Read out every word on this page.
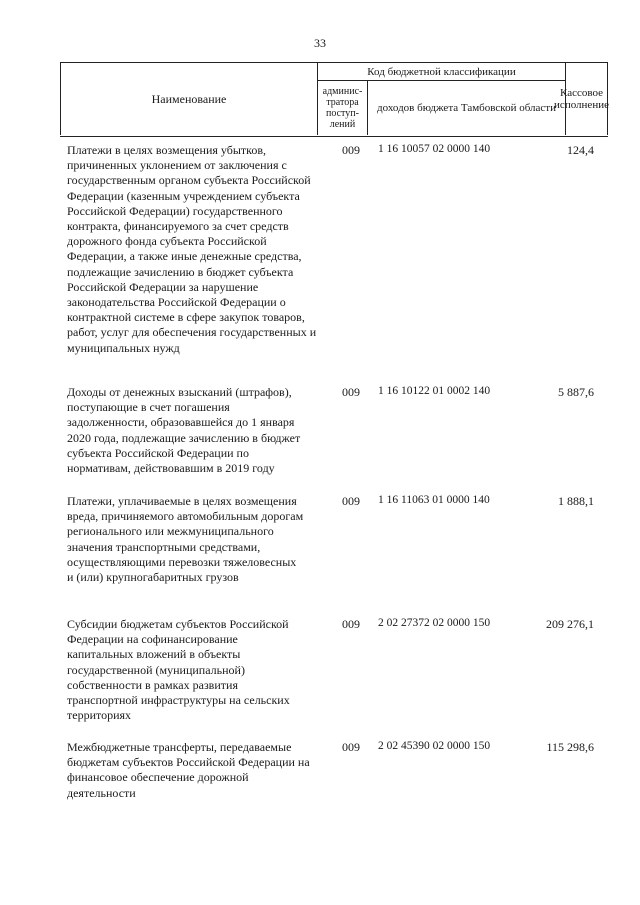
33
Наименование
Код бюджетной классификации
админис-тратора поступ-лений
доходов бюджета Тамбовской области
Кассовое исполнение
Платежи в целях возмещения убытков, причиненных уклонением от заключения с государственным органом субъекта Российской Федерации (казенным учреждением субъекта Российской Федерации) государственного контракта, финансируемого за счет средств дорожного фонда субъекта Российской Федерации, а также иные денежные средства, подлежащие зачислению в бюджет субъекта Российской Федерации за нарушение законодательства Российской Федерации о контрактной системе в сфере закупок товаров, работ, услуг для обеспечения государственных и муниципальных нужд
009	1 16 10057 02 0000 140	124,4
Доходы от денежных взысканий (штрафов), поступающие в счет погашения задолженности, образовавшейся до 1 января 2020 года, подлежащие зачислению в бюджет субъекта Российской Федерации по нормативам, действовавшим в 2019 году
009	1 16 10122 01 0002 140	5 887,6
Платежи, уплачиваемые в целях возмещения вреда, причиняемого автомобильным дорогам регионального или межмуниципального значения транспортными средствами, осуществляющими перевозки тяжеловесных и (или) крупногабаритных грузов
009	1 16 11063 01 0000 140	1 888,1
Субсидии бюджетам субъектов Российской Федерации на софинансирование капитальных вложений в объекты государственной (муниципальной) собственности в рамках развития транспортной инфраструктуры на сельских территориях
009	2 02 27372 02 0000 150	209 276,1
Межбюджетные трансферты, передаваемые бюджетам субъектов Российской Федерации на финансовое обеспечение дорожной деятельности
009	2 02 45390 02 0000 150	115 298,6
